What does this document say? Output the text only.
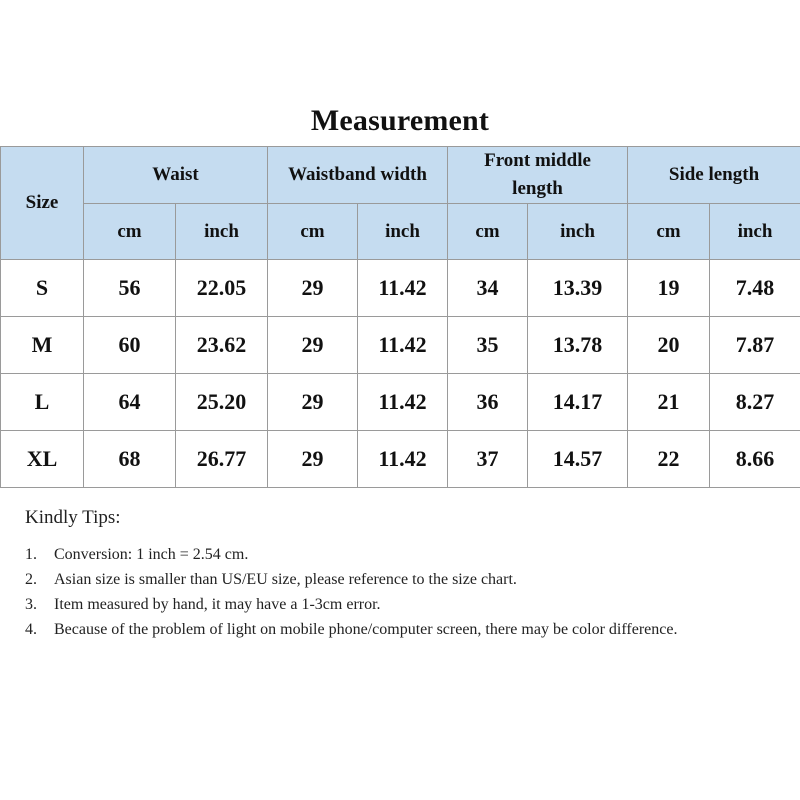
Measurement
Size	Waist		Waistband width		Front middle length		Side length	
	cm	inch	cm	inch	cm	inch	cm	inch
S	56	22.05	29	11.42	34	13.39	19	7.48
M	60	23.62	29	11.42	35	13.78	20	7.87
L	64	25.20	29	11.42	36	14.17	21	8.27
XL	68	26.77	29	11.42	37	14.57	22	8.66
Kindly Tips:
1.	Conversion: 1 inch = 2.54 cm.
2.	Asian size is smaller than US/EU size, please reference to the size chart.
3.	Item measured by hand, it may have a 1-3cm error.
4.	Because of the problem of light on mobile phone/computer screen, there may be color difference.
